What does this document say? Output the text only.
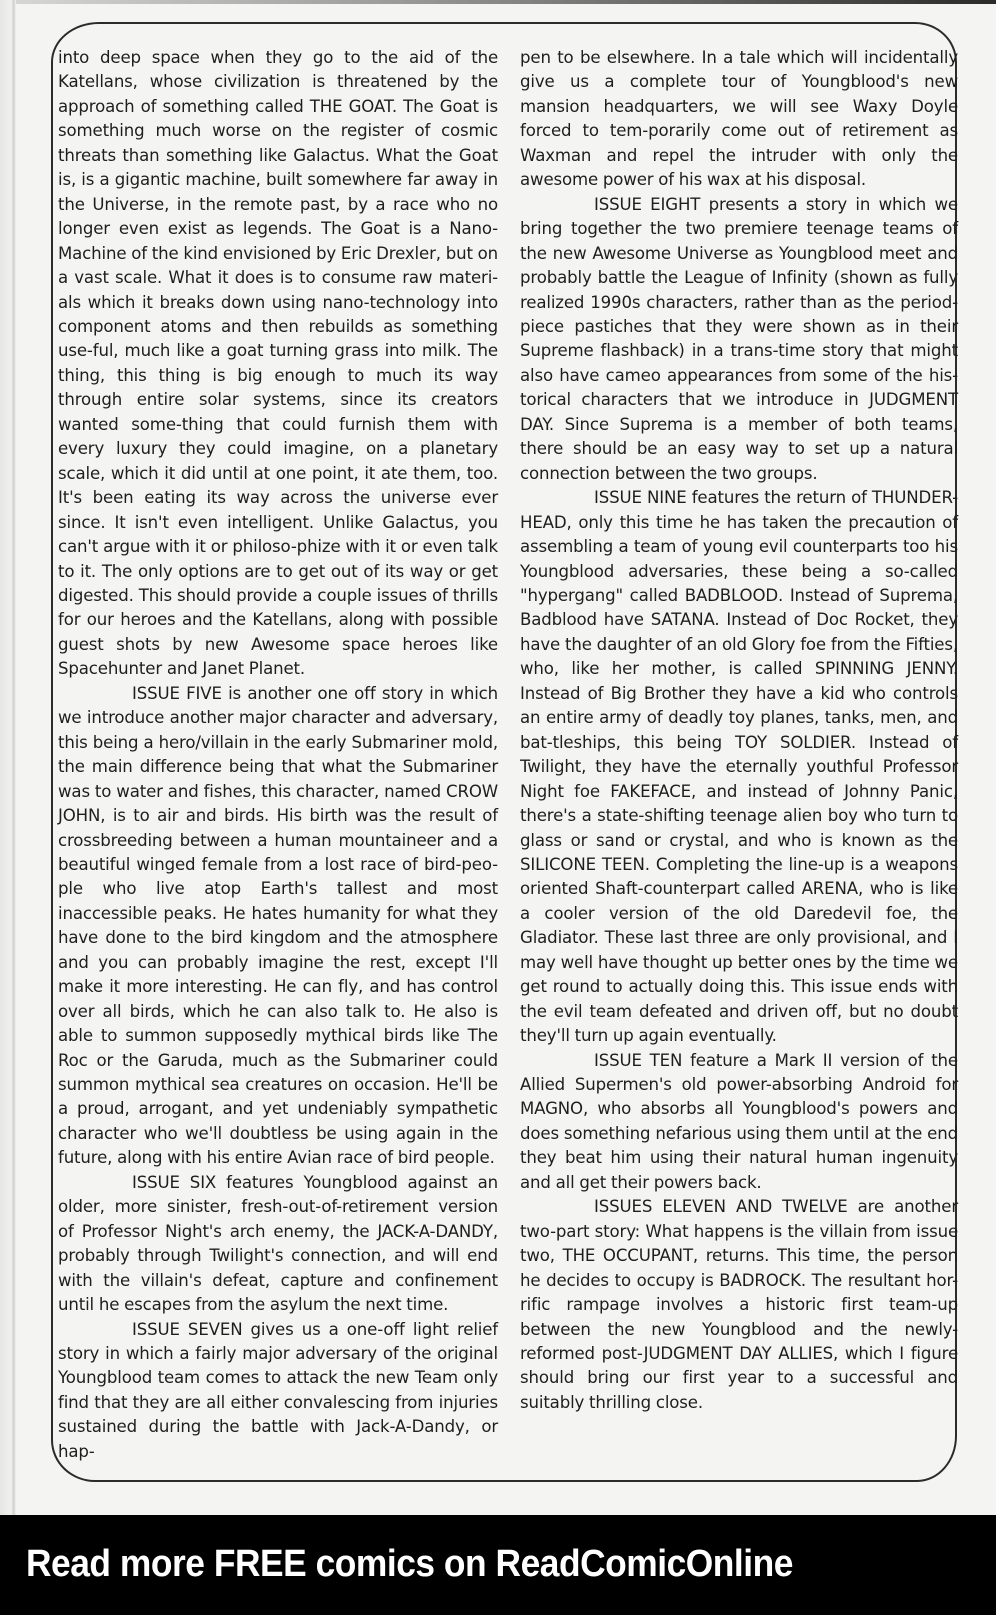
into deep space when they go to the aid of the Katellans, whose civilization is threatened by the approach of something called THE GOAT. The Goat is something much worse on the register of cosmic threats than something like Galactus. What the Goat is, is a gigantic machine, built somewhere far away in the Universe, in the remote past, by a race who no longer even exist as legends. The Goat is a Nano-Machine of the kind envisioned by Eric Drexler, but on a vast scale. What it does is to consume raw materi-als which it breaks down using nano-technology into component atoms and then rebuilds as something use-ful, much like a goat turning grass into milk. The thing, this thing is big enough to much its way through entire solar systems, since its creators wanted some-thing that could furnish them with every luxury they could imagine, on a planetary scale, which it did until at one point, it ate them, too. It's been eating its way across the universe ever since. It isn't even intelligent. Unlike Galactus, you can't argue with it or philoso-phize with it or even talk to it. The only options are to get out of its way or get digested. This should provide a couple issues of thrills for our heroes and the Katellans, along with possible guest shots by new Awesome space heroes like Spacehunter and Janet Planet.

ISSUE FIVE is another one off story in which we introduce another major character and adversary, this being a hero/villain in the early Submariner mold, the main difference being that what the Submariner was to water and fishes, this character, named CROW JOHN, is to air and birds. His birth was the result of crossbreeding between a human mountaineer and a beautiful winged female from a lost race of bird-peo-ple who live atop Earth's tallest and most inaccessible peaks. He hates humanity for what they have done to the bird kingdom and the atmosphere and you can probably imagine the rest, except I'll make it more interesting. He can fly, and has control over all birds, which he can also talk to. He also is able to summon supposedly mythical birds like The Roc or the Garuda, much as the Submariner could summon mythical sea creatures on occasion. He'll be a proud, arrogant, and yet undeniably sympathetic character who we'll doubtless be using again in the future, along with his entire Avian race of bird people.

ISSUE SIX features Youngblood against an older, more sinister, fresh-out-of-retirement version of Professor Night's arch enemy, the JACK-A-DANDY, probably through Twilight's connection, and will end with the villain's defeat, capture and confinement until he escapes from the asylum the next time.

ISSUE SEVEN gives us a one-off light relief story in which a fairly major adversary of the original Youngblood team comes to attack the new Team only find that they are all either convalescing from injuries sustained during the battle with Jack-A-Dandy, or hap-

pen to be elsewhere. In a tale which will incidentally give us a complete tour of Youngblood's new mansion headquarters, we will see Waxy Doyle forced to tem-porarily come out of retirement as Waxman and repel the intruder with only the awesome power of his wax at his disposal.

ISSUE EIGHT presents a story in which we bring together the two premiere teenage teams of the new Awesome Universe as Youngblood meet and probably battle the League of Infinity (shown as fully realized 1990s characters, rather than as the period-piece pastiches that they were shown as in their Supreme flashback) in a trans-time story that might also have cameo appearances from some of the his-torical characters that we introduce in JUDGMENT DAY. Since Suprema is a member of both teams, there should be an easy way to set up a natural connection between the two groups.

ISSUE NINE features the return of THUNDER-HEAD, only this time he has taken the precaution of assembling a team of young evil counterparts too his Youngblood adversaries, these being a so-called "hypergang" called BADBLOOD. Instead of Suprema, Badblood have SATANA. Instead of Doc Rocket, they have the daughter of an old Glory foe from the Fifties, who, like her mother, is called SPINNING JENNY. Instead of Big Brother they have a kid who controls an entire army of deadly toy planes, tanks, men, and bat-tleships, this being TOY SOLDIER. Instead of Twilight, they have the eternally youthful Professor Night foe FAKEFACE, and instead of Johnny Panic, there's a state-shifting teenage alien boy who turn to glass or sand or crystal, and who is known as the SILICONE TEEN. Completing the line-up is a weapons oriented Shaft-counterpart called ARENA, who is like a cooler version of the old Daredevil foe, the Gladiator. These last three are only provisional, and I may well have thought up better ones by the time we get round to actually doing this. This issue ends with the evil team defeated and driven off, but no doubt they'll turn up again eventually.

ISSUE TEN feature a Mark II version of the Allied Supermen's old power-absorbing Android for MAGNO, who absorbs all Youngblood's powers and does something nefarious using them until at the end they beat him using their natural human ingenuity and all get their powers back.

ISSUES ELEVEN AND TWELVE are another two-part story: What happens is the villain from issue two, THE OCCUPANT, returns. This time, the person he decides to occupy is BADROCK. The resultant hor-rific rampage involves a historic first team-up between the new Youngblood and the newly-reformed post-JUDGMENT DAY ALLIES, which I figure should bring our first year to a successful and suitably thrilling close.

Read more FREE comics on ReadComicOnline
